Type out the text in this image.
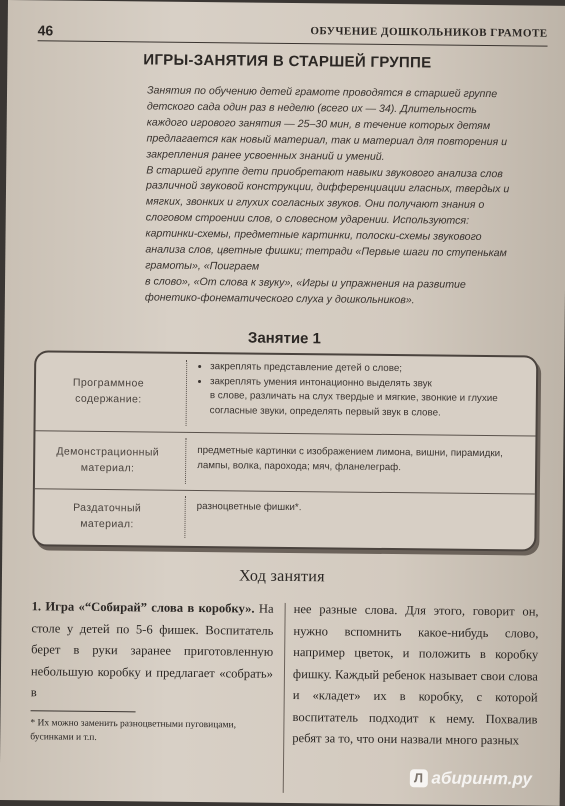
46	ОБУЧЕНИЕ ДОШКОЛЬНИКОВ ГРАМОТЕ
ИГРЫ-ЗАНЯТИЯ В СТАРШЕЙ ГРУППЕ

Занятия по обучению детей грамоте проводятся в старшей группе детского сада один раз в неделю (всего их — 34). Длительность каждого игрового занятия — 25–30 мин, в течение которых детям предлагается как новый материал, так и материал для повторения и закрепления ранее усвоенных знаний и умений.

В старшей группе дети приобретают навыки звукового анализа слов различной звуковой конструкции, дифференциации гласных, твердых и мягких, звонких и глухих согласных звуков. Они получают знания о слоговом строении слов, о словесном ударении. Используются: картинки-схемы, предметные картинки, полоски-схемы звукового анализа слов, цветные фишки; тетради «Первые шаги по ступенькам грамоты», «Поиграем

в слово», «От слова к звуку», «Игры и упражнения на развитие фонетико-фонематического слуха у дошкольников».

Занятие 1
Программное
содержание:
• закреплять представление детей о слове;
• закреплять умения интонационно выделять звук
в слове, различать на слух твердые и мягкие, звонкие и глухие согласные звуки, определять первый звук в слове.
Демонстрационный
материал:
предметные картинки с изображением лимона, вишни, пирамидки, лампы, волка, парохода; мяч, фланелеграф.
Раздаточный
материал:
разноцветные фишки*.
Ход занятия
1. Игра «“Собирай” слова в коробку». На столе у детей по 5-6 фишек. Воспитатель берет в руки заранее приготовленную небольшую коробку и предлагает «собрать» в
нее разные слова. Для этого, говорит он, нужно вспомнить какое-нибудь слово, например цветок, и положить в коробку фишку. Каждый ребенок называет свои слова и «кладет» их в коробку, с которой воспитатель подходит к нему. Похвалив ребят за то, что они назвали много разных
* Их можно заменить разноцветными пуговицами, бусинками и т.п.
Л абиринт.ру
